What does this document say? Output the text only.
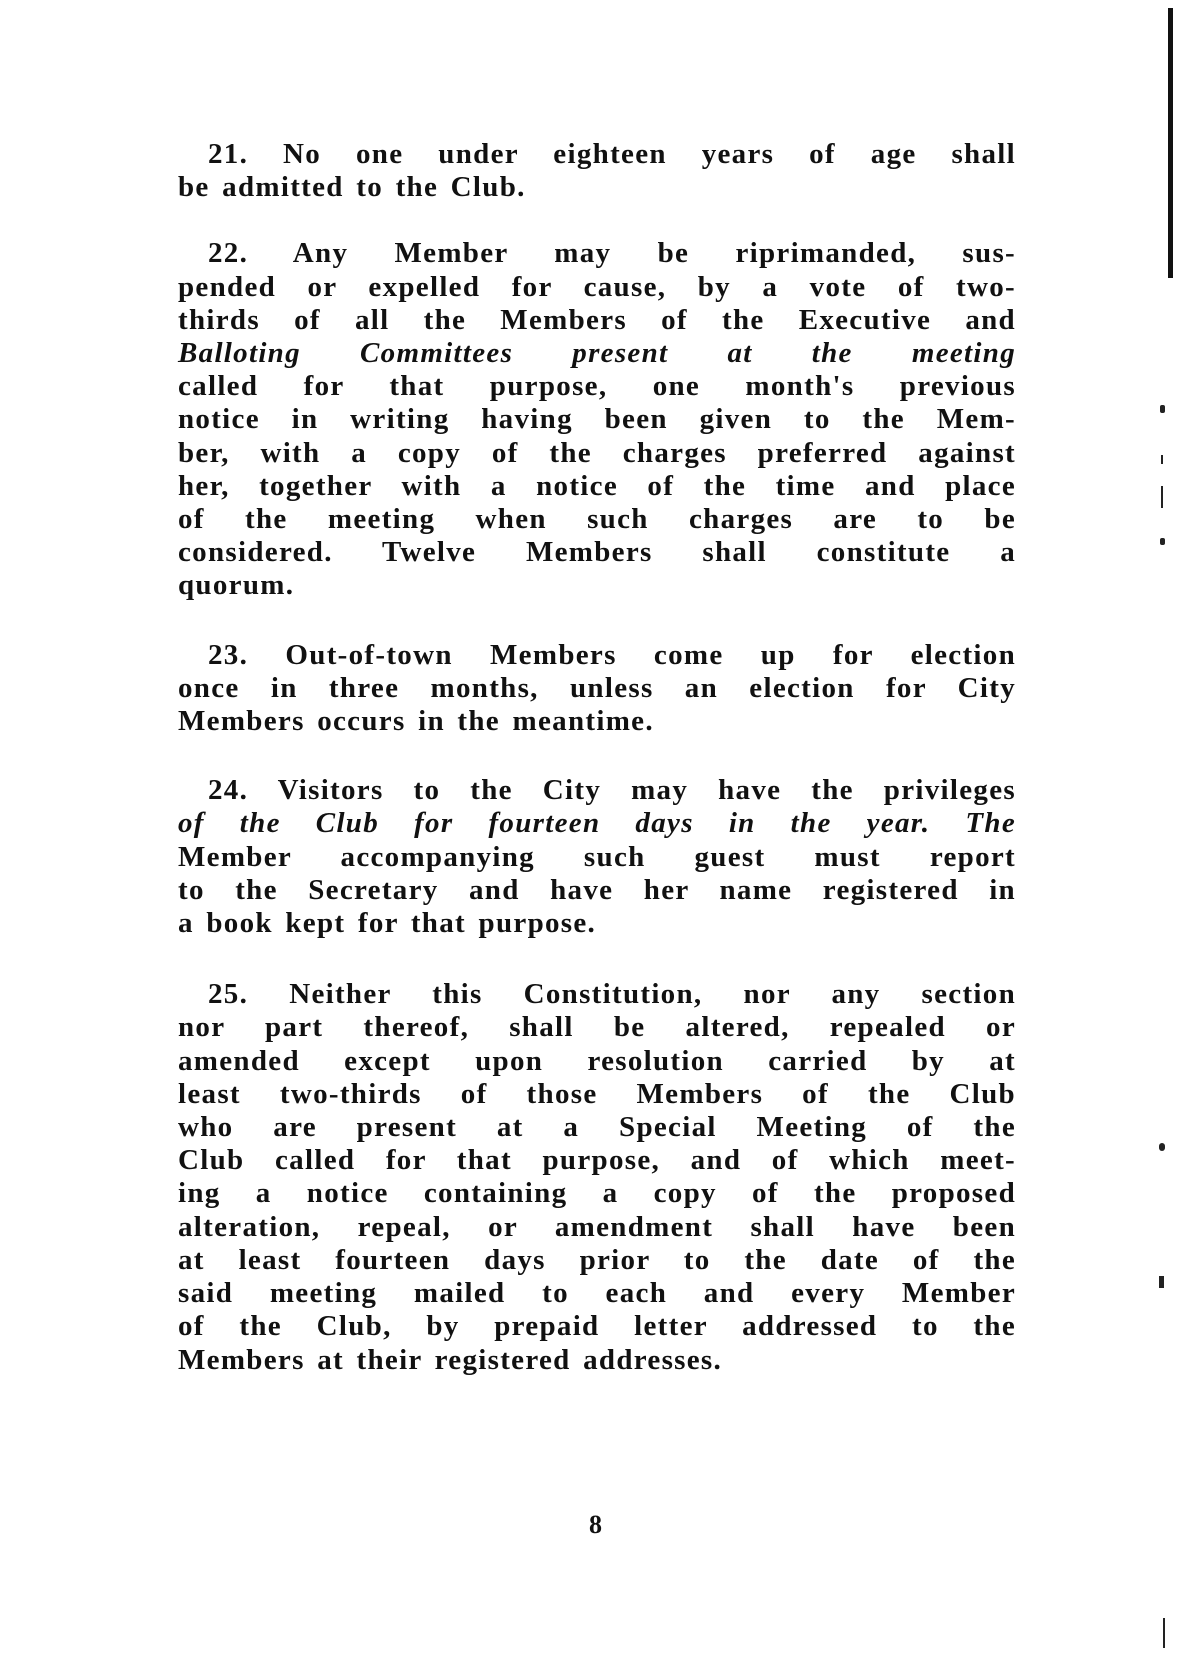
21. No one under eighteen years of age shall
be admitted to the Club.
22. Any Member may be riprimanded, sus-
pended or expelled for cause, by a vote of two-
thirds of all the Members of the Executive and
Balloting Committees present at the meeting
called for that purpose, one month's previous
notice in writing having been given to the Mem-
ber, with a copy of the charges preferred against
her, together with a notice of the time and place
of the meeting when such charges are to be
considered. Twelve Members shall constitute a
quorum.
23. Out-of-town Members come up for election
once in three months, unless an election for City
Members occurs in the meantime.
24. Visitors to the City may have the privileges
of the Club for fourteen days in the year. The
Member accompanying such guest must report
to the Secretary and have her name registered in
a book kept for that purpose.
25. Neither this Constitution, nor any section
nor part thereof, shall be altered, repealed or
amended except upon resolution carried by at
least two-thirds of those Members of the Club
who are present at a Special Meeting of the
Club called for that purpose, and of which meet-
ing a notice containing a copy of the proposed
alteration, repeal, or amendment shall have been
at least fourteen days prior to the date of the
said meeting mailed to each and every Member
of the Club, by prepaid letter addressed to the
Members at their registered addresses.
8
